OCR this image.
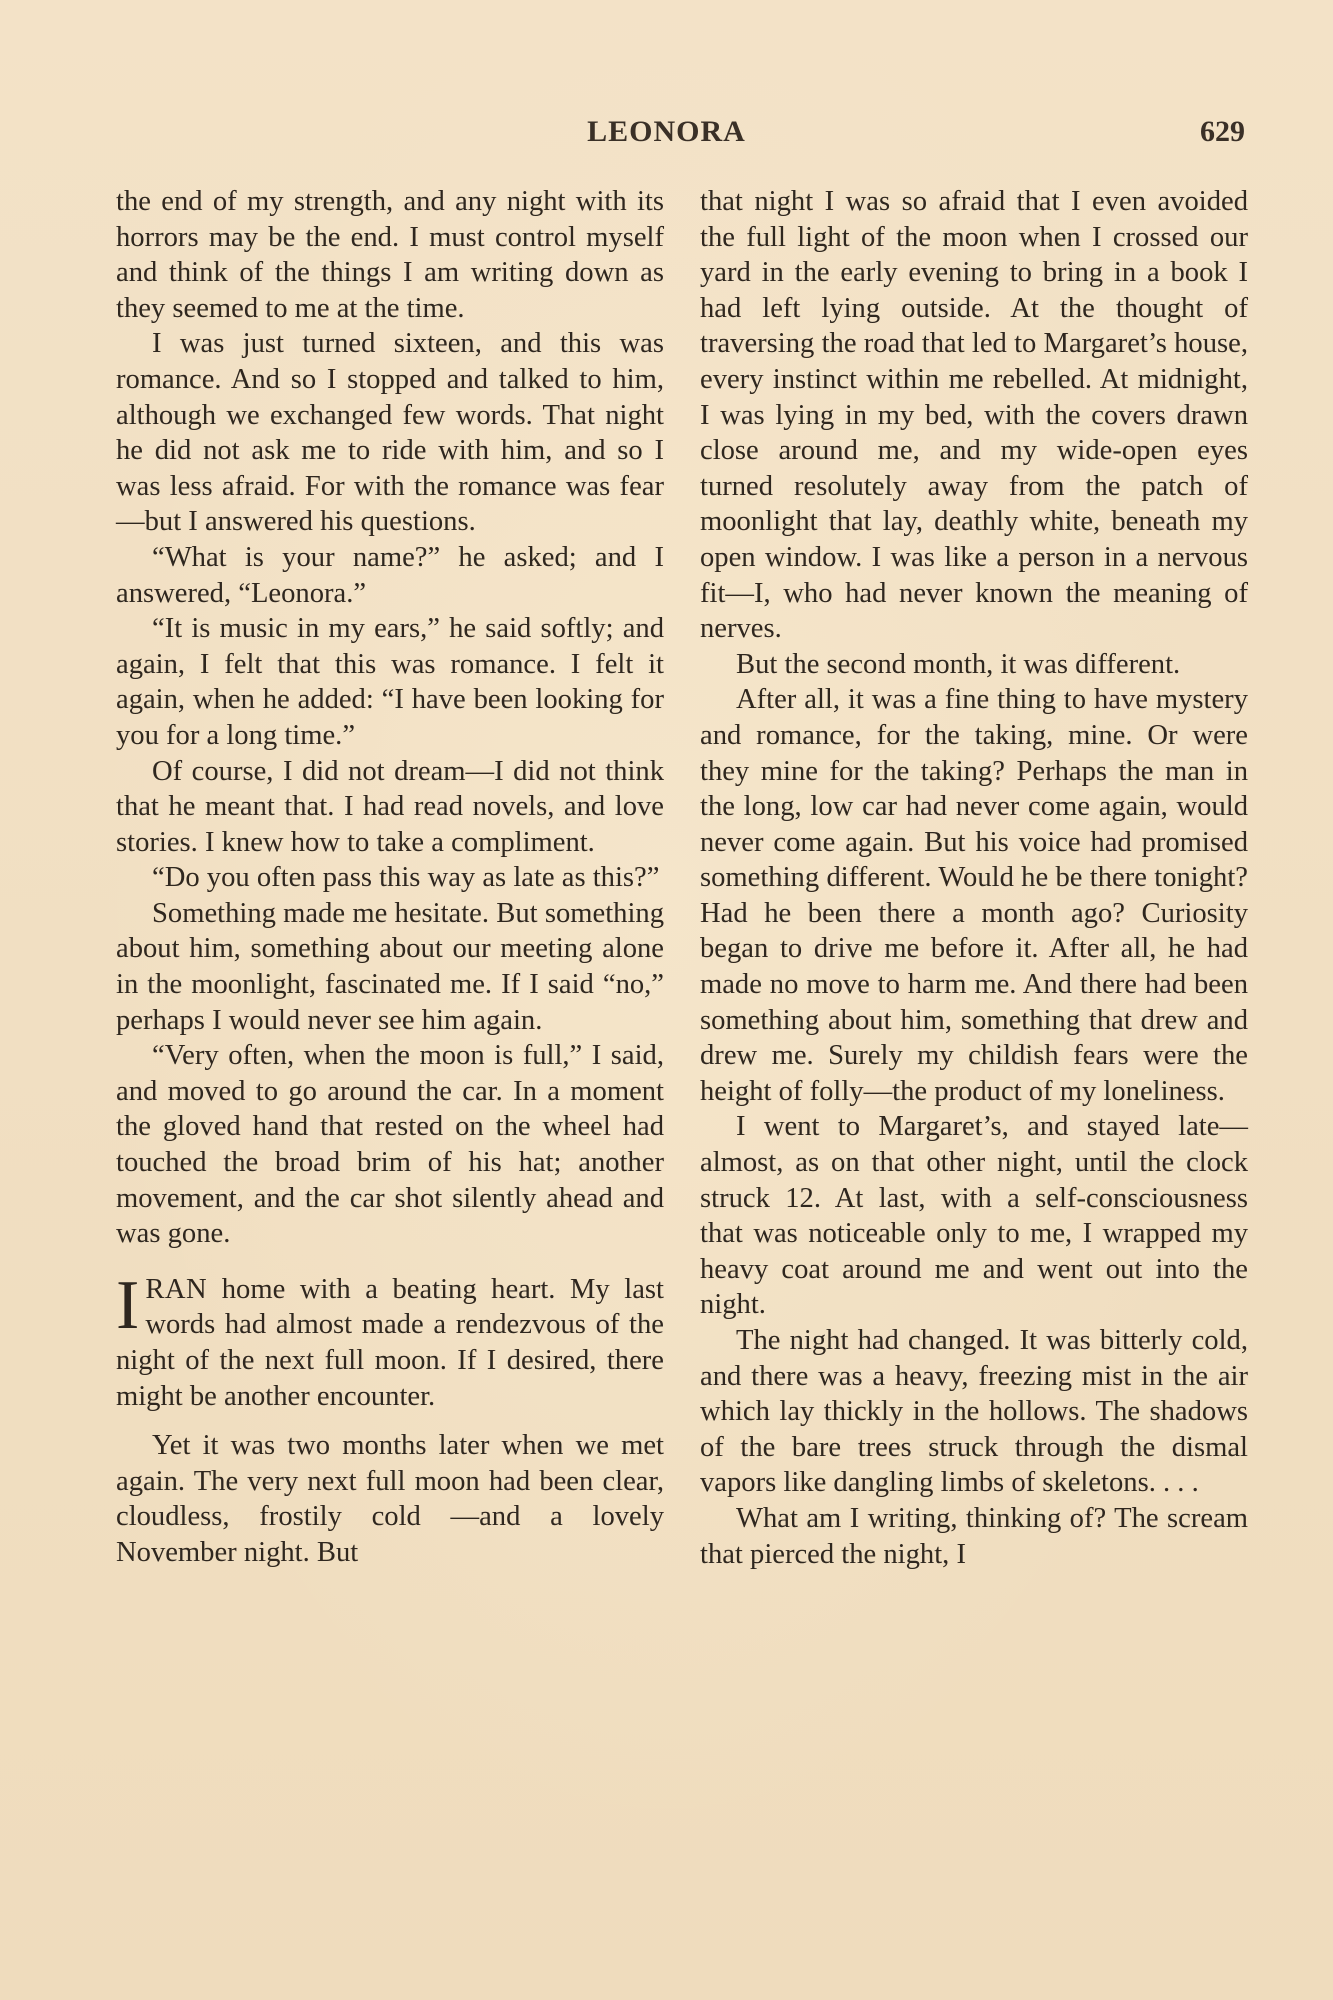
LEONORA	629

the end of my strength, and any night with its horrors may be the end. I must control myself and think of the things I am writing down as they seemed to me at the time.

I was just turned sixteen, and this was romance. And so I stopped and talked to him, although we exchanged few words. That night he did not ask me to ride with him, and so I was less afraid. For with the romance was fear —but I answered his questions.

“What is your name?” he asked; and I answered, “Leonora.”

“It is music in my ears,” he said softly; and again, I felt that this was romance. I felt it again, when he added: “I have been looking for you for a long time.”

Of course, I did not dream—I did not think that he meant that. I had read novels, and love stories. I knew how to take a compliment.

“Do you often pass this way as late as this?”

Something made me hesitate. But something about him, something about our meeting alone in the moonlight, fascinated me. If I said “no,” perhaps I would never see him again.

“Very often, when the moon is full,” I said, and moved to go around the car. In a moment the gloved hand that rested on the wheel had touched the broad brim of his hat; another movement, and the car shot silently ahead and was gone.

IRAN home with a beating heart. My last words had almost made a rendezvous of the night of the next full moon. If I desired, there might be another encounter.

Yet it was two months later when we met again. The very next full moon had been clear, cloudless, frostily cold —and a lovely November night. But

that night I was so afraid that I even avoided the full light of the moon when I crossed our yard in the early evening to bring in a book I had left lying outside. At the thought of traversing the road that led to Margaret’s house, every instinct within me rebelled. At midnight, I was lying in my bed, with the covers drawn close around me, and my wide-open eyes turned resolutely away from the patch of moonlight that lay, deathly white, beneath my open window. I was like a person in a nervous fit—I, who had never known the meaning of nerves.

But the second month, it was different.

After all, it was a fine thing to have mystery and romance, for the taking, mine. Or were they mine for the taking? Perhaps the man in the long, low car had never come again, would never come again. But his voice had promised something different. Would he be there tonight? Had he been there a month ago? Curiosity began to drive me before it. After all, he had made no move to harm me. And there had been something about him, something that drew and drew me. Surely my childish fears were the height of folly—the product of my loneliness.

I went to Margaret’s, and stayed late—almost, as on that other night, until the clock struck 12. At last, with a self-consciousness that was noticeable only to me, I wrapped my heavy coat around me and went out into the night.

The night had changed. It was bitterly cold, and there was a heavy, freezing mist in the air which lay thickly in the hollows. The shadows of the bare trees struck through the dismal vapors like dangling limbs of skeletons. . . .

What am I writing, thinking of? The scream that pierced the night, I
